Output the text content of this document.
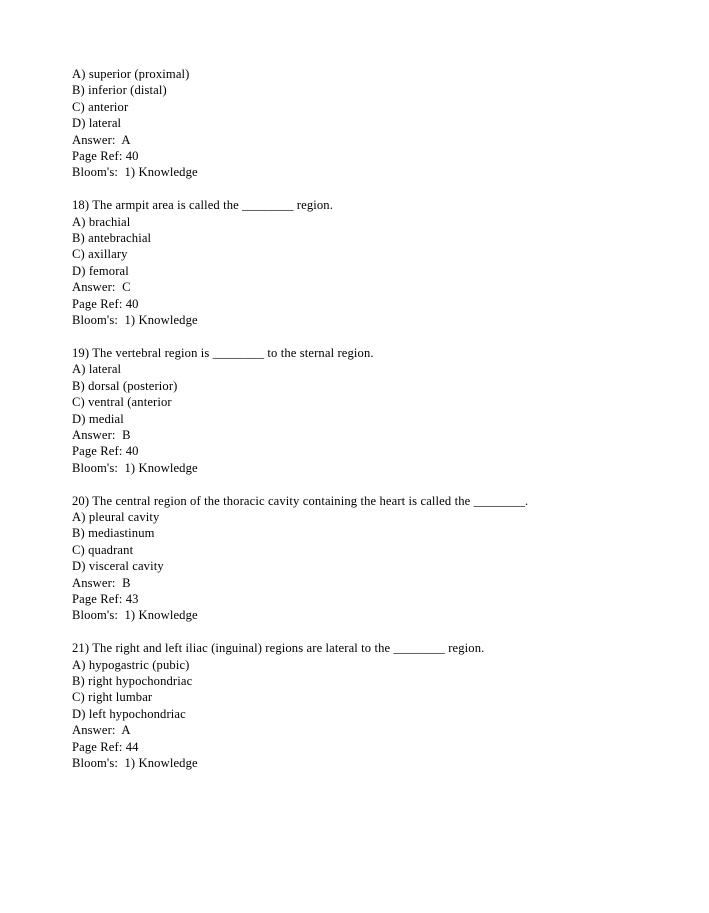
A) superior (proximal)
B) inferior (distal)
C) anterior
D) lateral
Answer:  A
Page Ref: 40
Bloom's:  1) Knowledge
18) The armpit area is called the ________ region.
A) brachial
B) antebrachial
C) axillary
D) femoral
Answer:  C
Page Ref: 40
Bloom's:  1) Knowledge
19) The vertebral region is ________ to the sternal region.
A) lateral
B) dorsal (posterior)
C) ventral (anterior
D) medial
Answer:  B
Page Ref: 40
Bloom's:  1) Knowledge
20) The central region of the thoracic cavity containing the heart is called the ________.
A) pleural cavity
B) mediastinum
C) quadrant
D) visceral cavity
Answer:  B
Page Ref: 43
Bloom's:  1) Knowledge
21) The right and left iliac (inguinal) regions are lateral to the ________ region.
A) hypogastric (pubic)
B) right hypochondriac
C) right lumbar
D) left hypochondriac
Answer:  A
Page Ref: 44
Bloom's:  1) Knowledge
